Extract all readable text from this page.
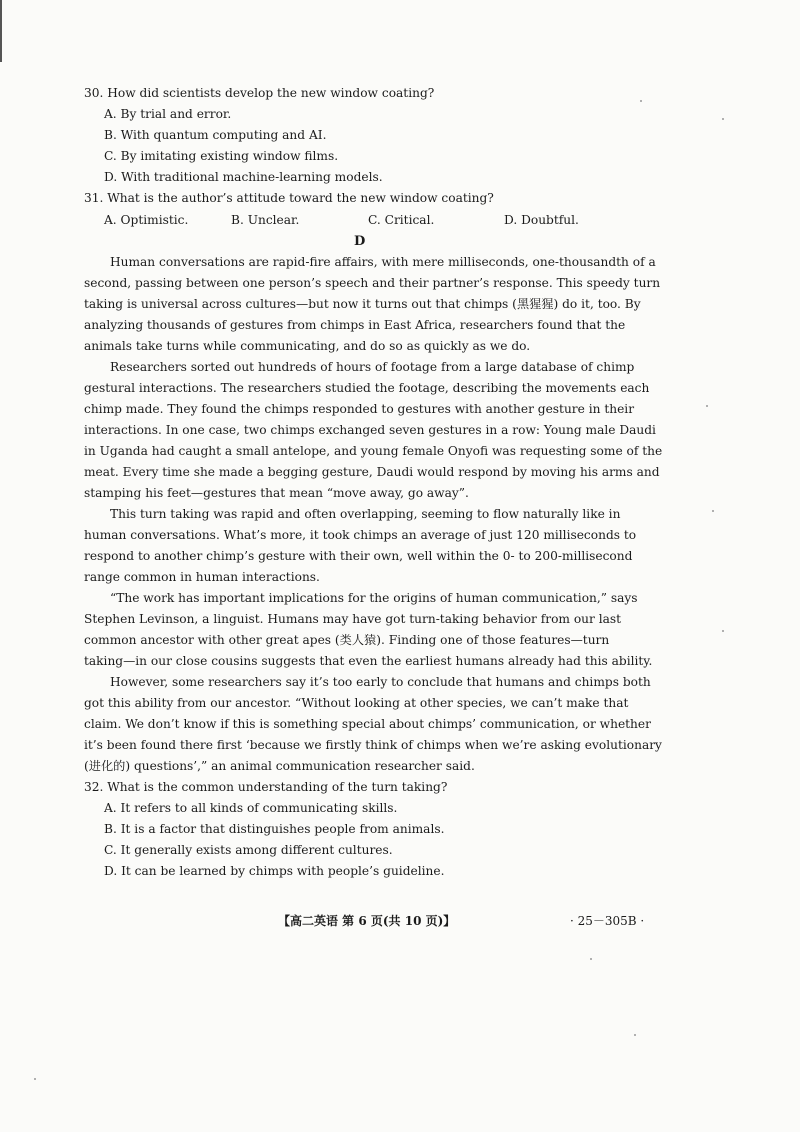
30. How did scientists develop the new window coating?
A. By trial and error.
B. With quantum computing and AI.
C. By imitating existing window films.
D. With traditional machine-learning models.
31. What is the author’s attitude toward the new window coating?
A. Optimistic.	B. Unclear.	C. Critical.	D. Doubtful.
D
Human conversations are rapid-fire affairs, with mere milliseconds, one-thousandth of a
second, passing between one person’s speech and their partner’s response. This speedy turn
taking is universal across cultures—but now it turns out that chimps (黑猩猩) do it, too. By
analyzing thousands of gestures from chimps in East Africa, researchers found that the
animals take turns while communicating, and do so as quickly as we do.
Researchers sorted out hundreds of hours of footage from a large database of chimp
gestural interactions. The researchers studied the footage, describing the movements each
chimp made. They found the chimps responded to gestures with another gesture in their
interactions. In one case, two chimps exchanged seven gestures in a row: Young male Daudi
in Uganda had caught a small antelope, and young female Onyofi was requesting some of the
meat. Every time she made a begging gesture, Daudi would respond by moving his arms and
stamping his feet—gestures that mean “move away, go away”.
This turn taking was rapid and often overlapping, seeming to flow naturally like in
human conversations. What’s more, it took chimps an average of just 120 milliseconds to
respond to another chimp’s gesture with their own, well within the 0- to 200-millisecond
range common in human interactions.
“The work has important implications for the origins of human communication,” says
Stephen Levinson, a linguist. Humans may have got turn-taking behavior from our last
common ancestor with other great apes (类人猿). Finding one of those features—turn
taking—in our close cousins suggests that even the earliest humans already had this ability.
However, some researchers say it’s too early to conclude that humans and chimps both
got this ability from our ancestor. “Without looking at other species, we can’t make that
claim. We don’t know if this is something special about chimps’ communication, or whether
it’s been found there first ‘because we firstly think of chimps when we’re asking evolutionary
(进化的) questions’,” an animal communication researcher said.
32. What is the common understanding of the turn taking?
A. It refers to all kinds of communicating skills.
B. It is a factor that distinguishes people from animals.
C. It generally exists among different cultures.
D. It can be learned by chimps with people’s guideline.
【高二英语 第 6 页(共 10 页)】	· 25－305B ·
